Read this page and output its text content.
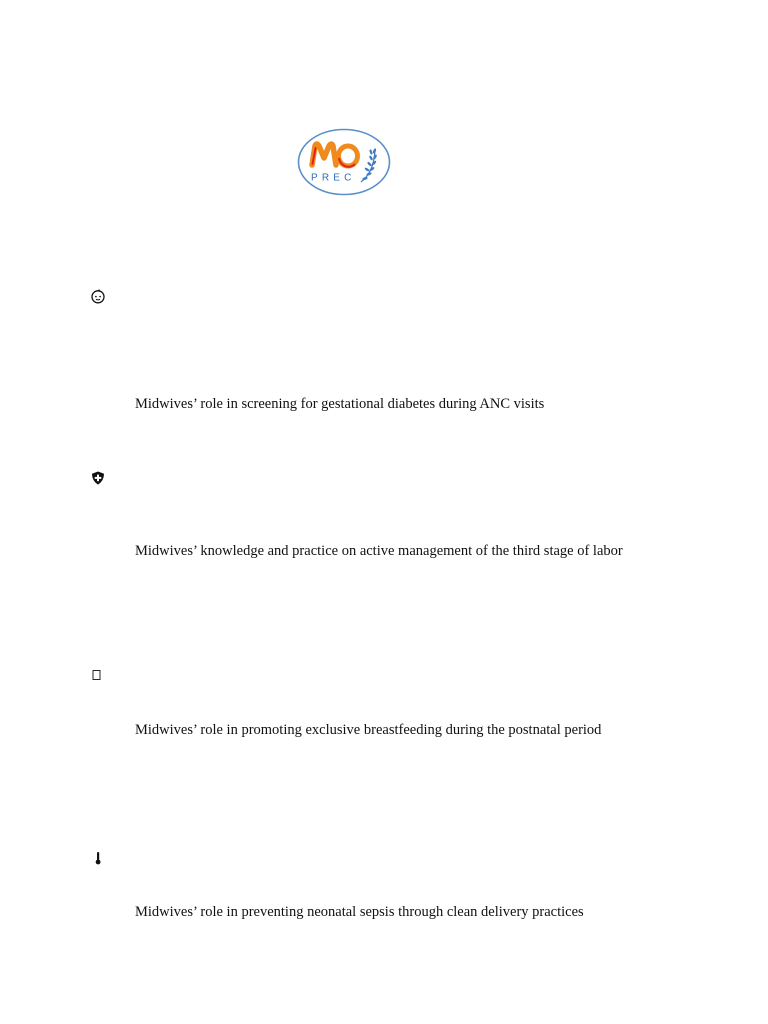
PREC
Midwives’ role in screening for gestational diabetes during ANC visits
Midwives’ knowledge and practice on active management of the third stage of labor
Midwives’ role in promoting exclusive breastfeeding during the postnatal period
Midwives’ role in preventing neonatal sepsis through clean delivery practices
